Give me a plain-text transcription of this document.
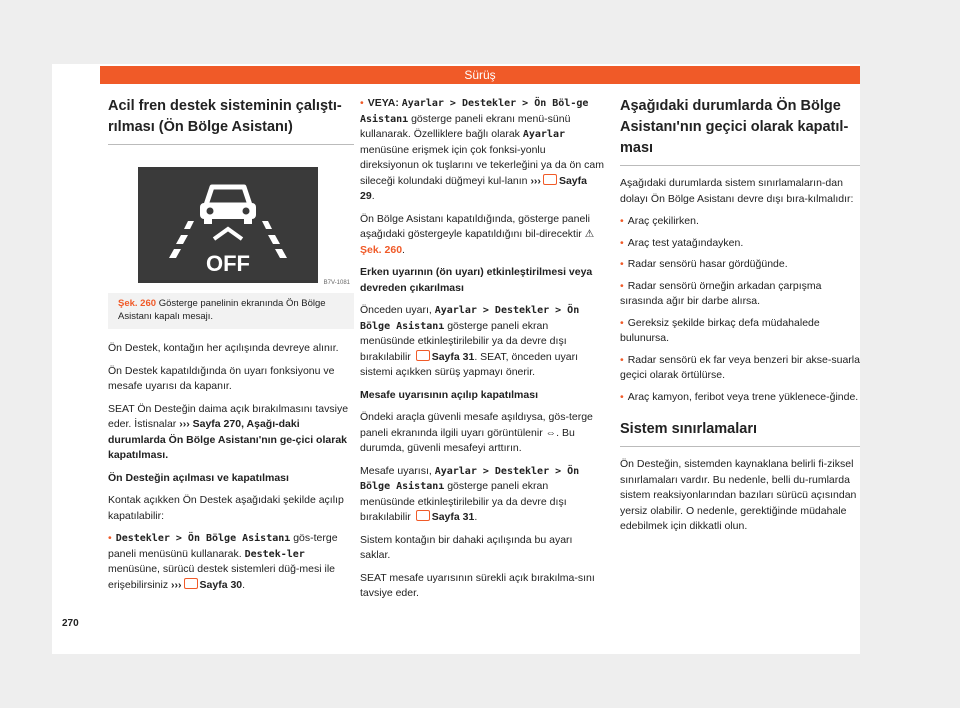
Sürüş
Acil fren destek sisteminin çalıştı-rılması (Ön Bölge Asistanı)
OFF
B7V-1081
Şek. 260 Gösterge panelinin ekranında Ön Bölge Asistanı kapalı mesajı.

Ön Destek, kontağın her açılışında devreye alınır.

Ön Destek kapatıldığında ön uyarı fonksiyonu ve mesafe uyarısı da kapanır.

SEAT Ön Desteğin daima açık bırakılmasını tavsiye eder. İstisnalar ››› Sayfa 270, Aşağı-daki durumlarda Ön Bölge Asistanı'nın ge-çici olarak kapatılması.

Ön Desteğin açılması ve kapatılması

Kontak açıkken Ön Destek aşağıdaki şekilde açılıp kapatılabilir:

• Destekler > Ön Bölge Asistanı gös-terge paneli menüsünü kullanarak. Destek-ler menüsüne, sürücü destek sistemleri düğ-mesi ile erişebilirsiniz ››› Sayfa 30.

• VEYA: Ayarlar > Destekler > Ön Böl-ge Asistanı gösterge paneli ekranı menü-sünü kullanarak. Özelliklere bağlı olarak Ayarlar menüsüne erişmek için çok fonksi-yonlu direksiyonun ok tuşlarını ve tekerleğini ya da ön cam sileceği kolundaki düğmeyi kul-lanın ››› Sayfa 29.

Ön Bölge Asistanı kapatıldığında, gösterge paneli aşağıdaki göstergeyle kapatıldığını bil-direcektir ⚠ Şek. 260.

Erken uyarının (ön uyarı) etkinleştirilmesi veya devreden çıkarılması

Önceden uyarı, Ayarlar > Destekler > Ön Bölge Asistanı gösterge paneli ekran menüsünde etkinleştirilebilir ya da devre dışı bırakılabilir Sayfa 31. SEAT, önceden uyarı sistemi açıkken sürüş yapmayı önerir.

Mesafe uyarısının açılıp kapatılması

Öndeki araçla güvenli mesafe aşıldıysa, gös-terge paneli ekranında ilgili uyarı görüntülenir ⇔. Bu durumda, güvenli mesafeyi arttırın.

Mesafe uyarısı, Ayarlar > Destekler > Ön Bölge Asistanı gösterge paneli ekran menüsünde etkinleştirilebilir ya da devre dışı bırakılabilir Sayfa 31.

Sistem kontağın bir dahaki açılışında bu ayarı saklar.

SEAT mesafe uyarısının sürekli açık bırakılma-sını tavsiye eder.

Aşağıdaki durumlarda Ön Bölge Asistanı'nın geçici olarak kapatıl-ması

Aşağıdaki durumlarda sistem sınırlamaların-dan dolayı Ön Bölge Asistanı devre dışı bıra-kılmalıdır:

• Araç çekilirken.

• Araç test yatağındayken.

• Radar sensörü hasar gördüğünde.

• Radar sensörü örneğin arkadan çarpışma sırasında ağır bir darbe alırsa.

• Gereksiz şekilde birkaç defa müdahalede bulunursa.

• Radar sensörü ek far veya benzeri bir akse-suarla geçici olarak örtülürse.

• Araç kamyon, feribot veya trene yüklenece-ğinde.

Sistem sınırlamaları

Ön Desteğin, sistemden kaynaklana belirli fi-ziksel sınırlamaları vardır. Bu nedenle, belli du-rumlarda sistem reaksiyonlarından bazıları sürücü açısından yersiz olabilir. O nedenle, gerektiğinde müdahale edebilmek için dikkatli olun.

270
